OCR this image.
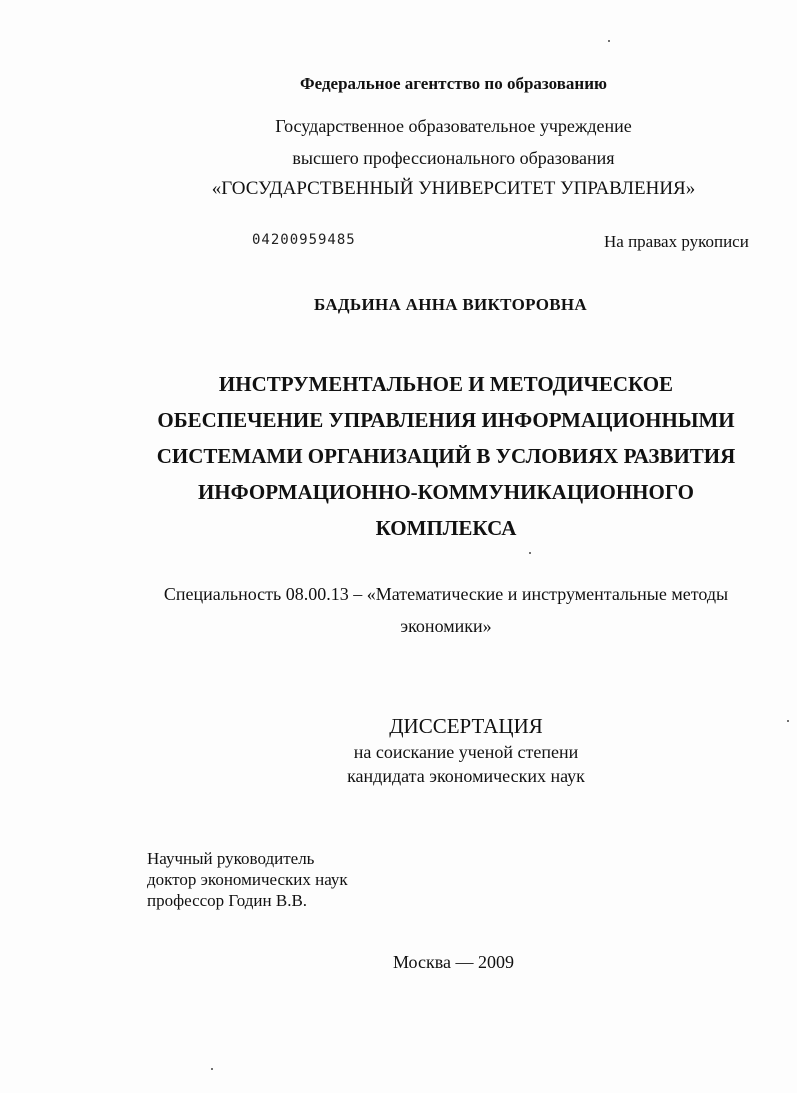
Федеральное агентство по образованию
Государственное образовательное учреждение
высшего профессионального образования
«ГОСУДАРСТВЕННЫЙ УНИВЕРСИТЕТ УПРАВЛЕНИЯ»
04200959485	На правах рукописи
БАДЬИНА АННА ВИКТОРОВНА
ИНСТРУМЕНТАЛЬНОЕ И МЕТОДИЧЕСКОЕ
ОБЕСПЕЧЕНИЕ УПРАВЛЕНИЯ ИНФОРМАЦИОННЫМИ
СИСТЕМАМИ ОРГАНИЗАЦИЙ В УСЛОВИЯХ РАЗВИТИЯ
ИНФОРМАЦИОННО-КОММУНИКАЦИОННОГО
КОМПЛЕКСА
Специальность 08.00.13 – «Математические и инструментальные методы
экономики»
ДИССЕРТАЦИЯ
на соискание ученой степени
кандидата экономических наук
Научный руководитель
доктор экономических наук
профессор Годин В.В.
Москва — 2009
